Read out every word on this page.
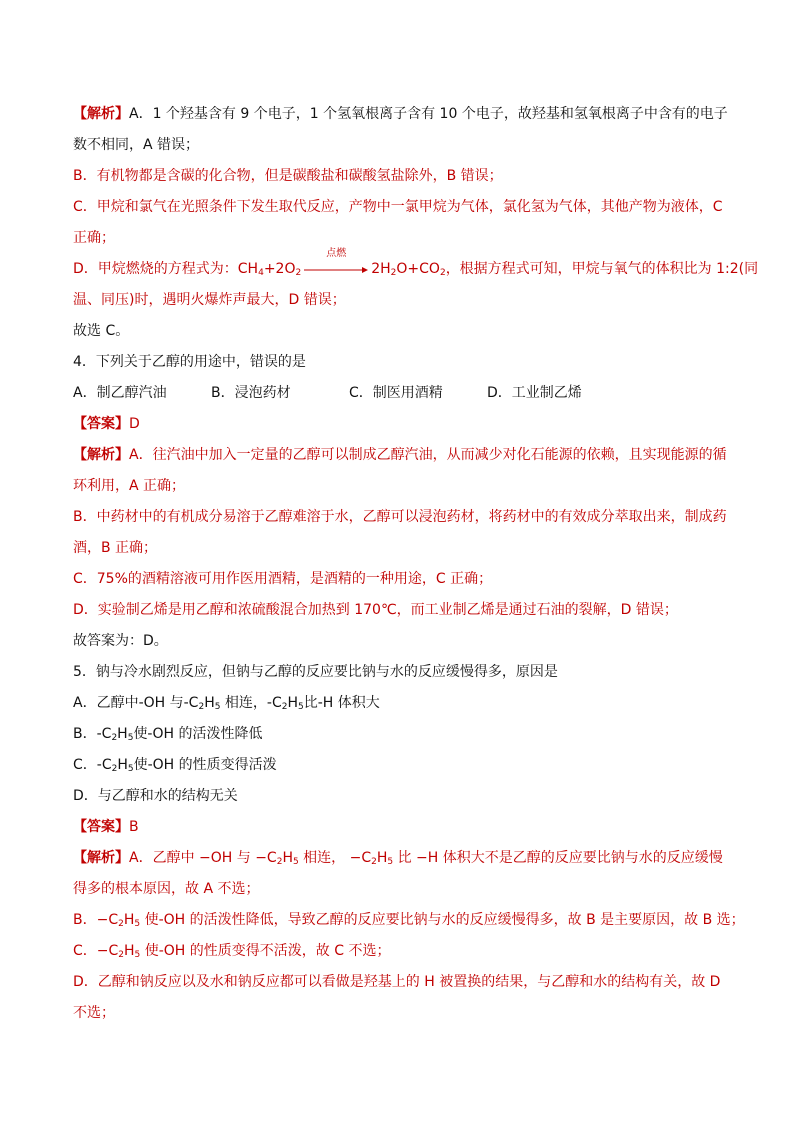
【解析】A．1 个羟基含有 9 个电子，1 个氢氧根离子含有 10 个电子，故羟基和氢氧根离子中含有的电子
数不相同，A 错误；
B．有机物都是含碳的化合物，但是碳酸盐和碳酸氢盐除外，B 错误；
C．甲烷和氯气在光照条件下发生取代反应，产物中一氯甲烷为气体，氯化氢为气体，其他产物为液体，C
正确；
D．甲烷燃烧的方程式为：$CH_4+2O_2$
点燃
$2H_2O+CO_2$，根据方程式可知，甲烷与氧气的体积比为 1:2(同
温、同压)时，遇明火爆炸声最大，D 错误；
故选 C。
4．下列关于乙醇的用途中，错误的是
A．制乙醇汽油	B．浸泡药材	C．制医用酒精	D．工业制乙烯
【答案】D
【解析】A．往汽油中加入一定量的乙醇可以制成乙醇汽油，从而减少对化石能源的依赖，且实现能源的循
环利用，A 正确；
B．中药材中的有机成分易溶于乙醇难溶于水，乙醇可以浸泡药材，将药材中的有效成分萃取出来，制成药
酒，B 正确；
C．75%的酒精溶液可用作医用酒精，是酒精的一种用途，C 正确；
D．实验制乙烯是用乙醇和浓硫酸混合加热到 170℃，而工业制乙烯是通过石油的裂解，D 错误；
故答案为：D。
5．钠与冷水剧烈反应，但钠与乙醇的反应要比钠与水的反应缓慢得多，原因是
A．乙醇中-OH 与$-C_2H_5$ 相连，$-C_2H_5$比-H 体积大
B．$-C_2H_5$使-OH 的活泼性降低
C．$-C_2H_5$使-OH 的性质变得活泼
D．与乙醇和水的结构无关
【答案】B
【解析】A．乙醇中 −OH 与 $-C_2H_5$ 相连， $-C_2H_5$ 比 −H 体积大不是乙醇的反应要比钠与水的反应缓慢
得多的根本原因，故 A 不选；
B．$-C_2H_5$ 使-OH 的活泼性降低，导致乙醇的反应要比钠与水的反应缓慢得多，故 B 是主要原因，故 B 选；
C．$-C_2H_5$ 使-OH 的性质变得不活泼，故 C 不选；
D．乙醇和钠反应以及水和钠反应都可以看做是羟基上的 H 被置换的结果，与乙醇和水的结构有关，故 D
不选；
